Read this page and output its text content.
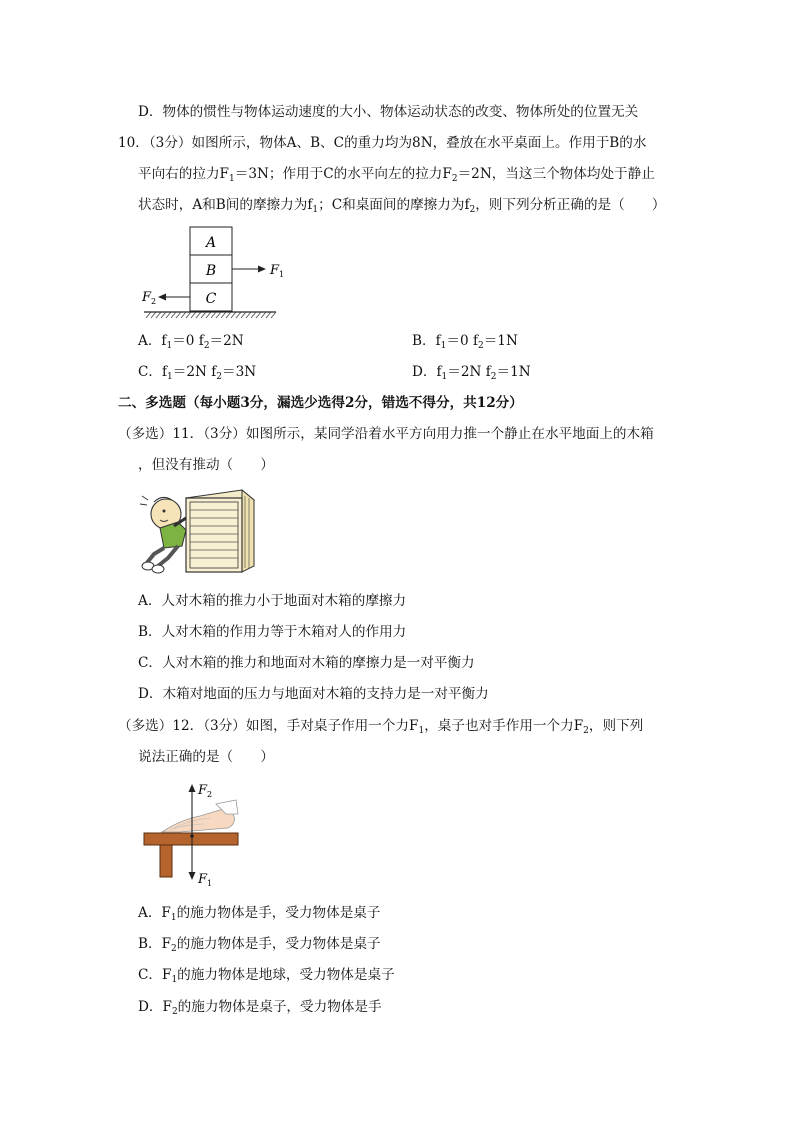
D．物体的惯性与物体运动速度的大小、物体运动状态的改变、物体所处的位置无关
10．（3分）如图所示，物体A、B、C的重力均为8N，叠放在水平桌面上。作用于B的水
平向右的拉力$F_1=3N$；作用于C的水平向左的拉力$F_2=2N$，当这三个物体均处于静止
状态时，A和B间的摩擦力为$f_1$；C和桌面间的摩擦力为$f_2$，则下列分析正确的是（　　）
A
B
C
$F_1$
$F_2$
A．$f_1=0$ $f_2=2N$	B．$f_1=0$ $f_2=1N$
C．$f_1=2N$ $f_2=3N$	D．$f_1=2N$ $f_2=1N$
二、多选题（每小题3分，漏选少选得2分，错选不得分，共12分）
（多选）11．（3分）如图所示，某同学沿着水平方向用力推一个静止在水平地面上的木箱
，但没有推动（　　）
A．人对木箱的推力小于地面对木箱的摩擦力
B．人对木箱的作用力等于木箱对人的作用力
C．人对木箱的推力和地面对木箱的摩擦力是一对平衡力
D．木箱对地面的压力与地面对木箱的支持力是一对平衡力
（多选）12．（3分）如图，手对桌子作用一个力$F_1$，桌子也对手作用一个力$F_2$，则下列
说法正确的是（　　）
$F_2$
$F_1$
A．$F_1$的施力物体是手，受力物体是桌子
B．$F_2$的施力物体是手，受力物体是桌子
C．$F_1$的施力物体是地球，受力物体是桌子
D．$F_2$的施力物体是桌子，受力物体是手
